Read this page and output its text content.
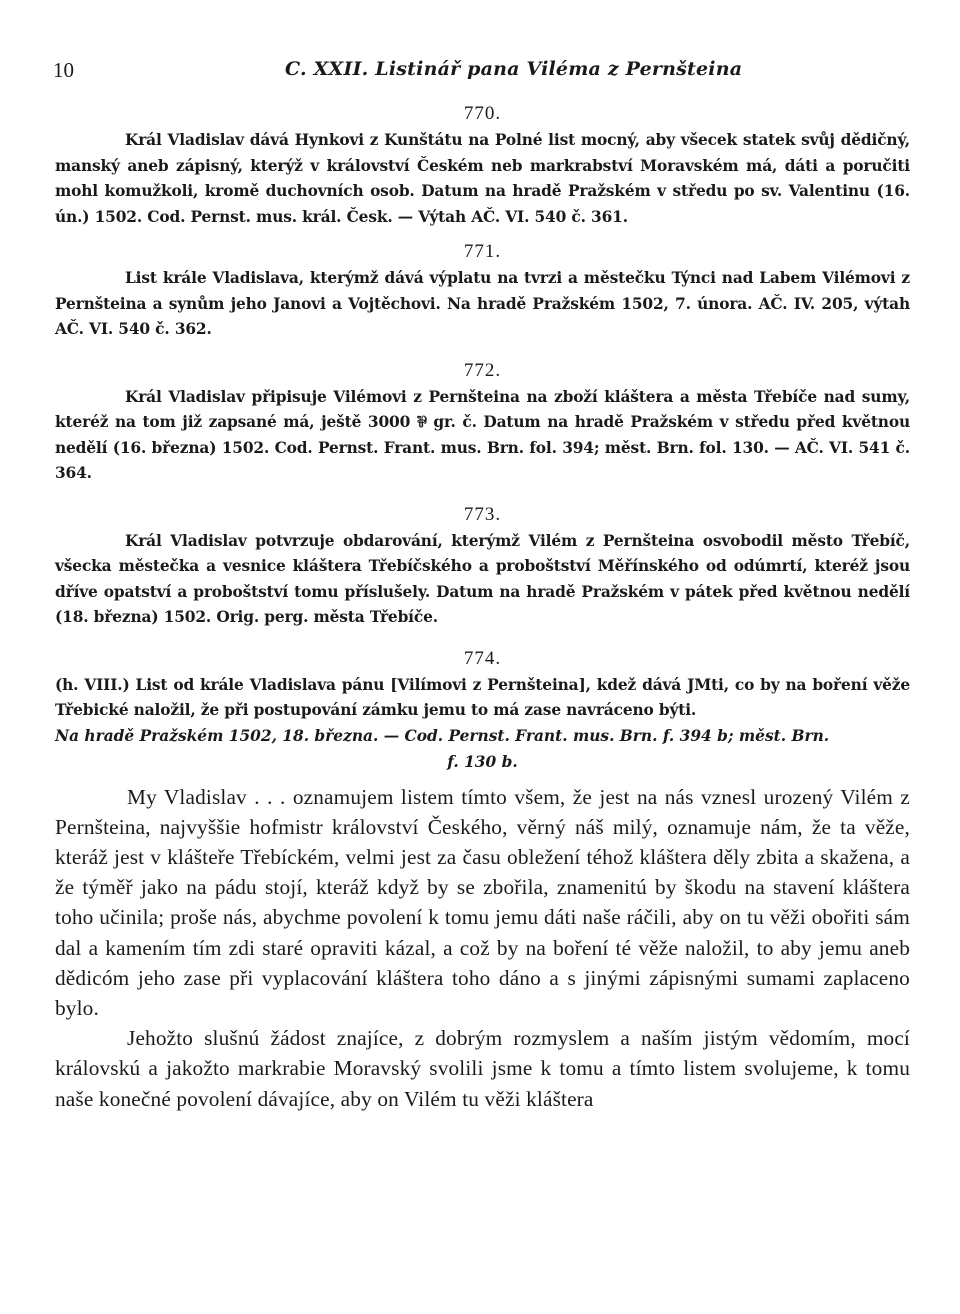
10	C. XXII. Listinář pana Viléma z Pernšteina

770.

Král Vladislav dává Hynkovi z Kunštátu na Polné list mocný, aby všecek statek svůj dědičný, manský aneb zápisný, kterýž v království Českém neb markrabství Moravském má, dáti a poručiti mohl komužkoli, kromě duchovních osob. Datum na hradě Pražském v středu po sv. Valentinu (16. ún.) 1502. Cod. Pernst. mus. král. Česk. — Výtah AČ. VI. 540 č. 361.

771.

List krále Vladislava, kterýmž dává výplatu na tvrzi a městečku Týnci nad Labem Vilémovi z Pernšteina a synům jeho Janovi a Vojtěchovi. Na hradě Pražském 1502, 7. února. AČ. IV. 205, výtah AČ. VI. 540 č. 362.

772.

Král Vladislav připisuje Vilémovi z Pernšteina na zboží kláštera a města Třebíče nad sumy, kteréž na tom již zapsané má, ještě 3000 ⅌ gr. č. Datum na hradě Pražském v středu před květnou nedělí (16. března) 1502. Cod. Pernst. Frant. mus. Brn. fol. 394; měst. Brn. fol. 130. — AČ. VI. 541 č. 364.

773.

Král Vladislav potvrzuje obdarování, kterýmž Vilém z Pernšteina osvobodil město Třebíč, všecka městečka a vesnice kláštera Třebíčského a proboštství Měřínského od odúmrtí, kteréž jsou dříve opatství a proboštství tomu příslušely. Datum na hradě Pražském v pátek před květnou nedělí (18. března) 1502. Orig. perg. města Třebíče.

774.

(h. VIII.) List od krále Vladislava pánu [Vilímovi z Pernšteina], kdež dává JMti, co by na boření věže Třebické naložil, že při postupování zámku jemu to má zase navráceno býti.

Na hradě Pražském 1502, 18. března. — Cod. Pernst. Frant. mus. Brn. f. 394 b; měst. Brn.

f. 130 b.

My Vladislav . . . oznamujem listem tímto všem, že jest na nás vznesl urozený Vilém z Pernšteina, najvyššie hofmistr království Českého, věrný náš milý, oznamuje nám, že ta věže, kteráž jest v klášteře Třebíckém, velmi jest za času obležení téhož kláštera děly zbita a skažena, a že týměř jako na pádu stojí, kteráž když by se zbořila, znamenitú by škodu na stavení kláštera toho učinila; proše nás, abychme povolení k tomu jemu dáti naše ráčili, aby on tu věži obořiti sám dal a kamením tím zdi staré opraviti kázal, a což by na boření té věže naložil, to aby jemu aneb dědicóm jeho zase při vyplacování kláštera toho dáno a s jinými zápisnými sumami zaplaceno bylo.

Jehožto slušnú žádost znajíce, z dobrým rozmyslem a naším jistým vědomím, mocí královskú a jakožto markrabie Moravský svolili jsme k tomu a tímto listem svolujeme, k tomu naše konečné povolení dávajíce, aby on Vilém tu věži kláštera
